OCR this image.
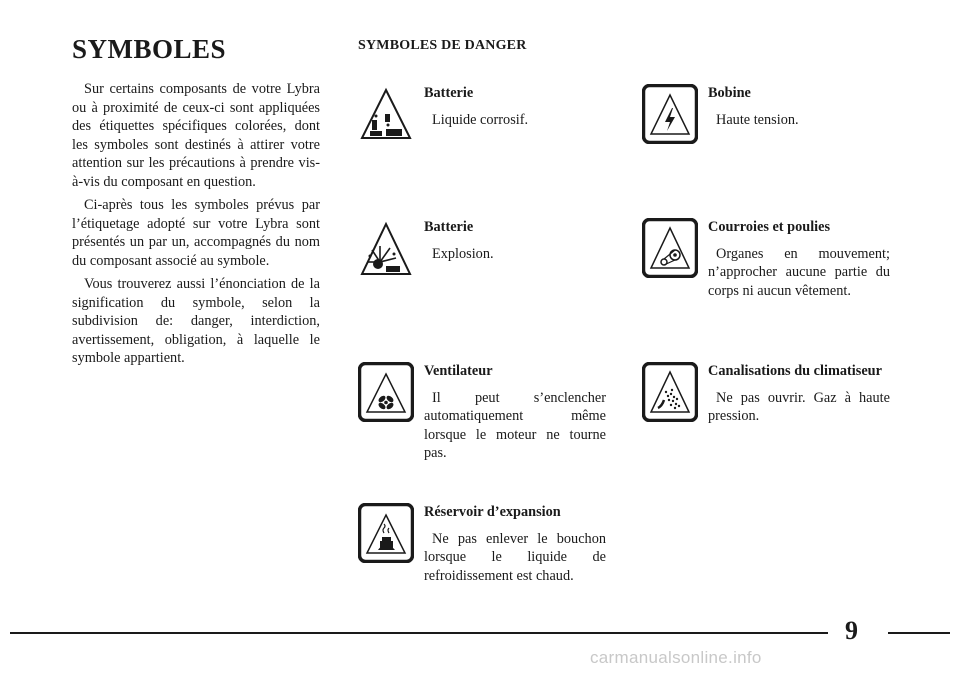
SYMBOLES

Sur certains composants de votre Lybra ou à proximité de ceux-ci sont appliquées des étiquettes spécifiques colorées, dont les symboles sont destinés à attirer votre attention sur les précautions à prendre vis-à-vis du composant en question.

Ci-après tous les symboles prévus par l’étiquetage adopté sur votre Lybra sont présentés un par un, accompagnés du nom du composant associé au symbole.

Vous trouverez aussi l’énonciation de la signification du symbole, selon la subdivision de: danger, interdiction, avertissement, obligation, à laquelle le symbole appartient.

SYMBOLES DE DANGER
Batterie
Liquide corrosif.
Batterie
Explosion.
Ventilateur
Il peut s’enclencher automatiquement même lorsque le moteur ne tourne pas.
Réservoir d’expansion
Ne pas enlever le bouchon lorsque le liquide de refroidissement est chaud.
Bobine
Haute tension.
Courroies et poulies
Organes en mouvement; n’approcher aucune partie du corps ni aucun vêtement.
Canalisations du climatiseur
Ne pas ouvrir. Gaz à haute pression.
9
carmanualsonline.info
